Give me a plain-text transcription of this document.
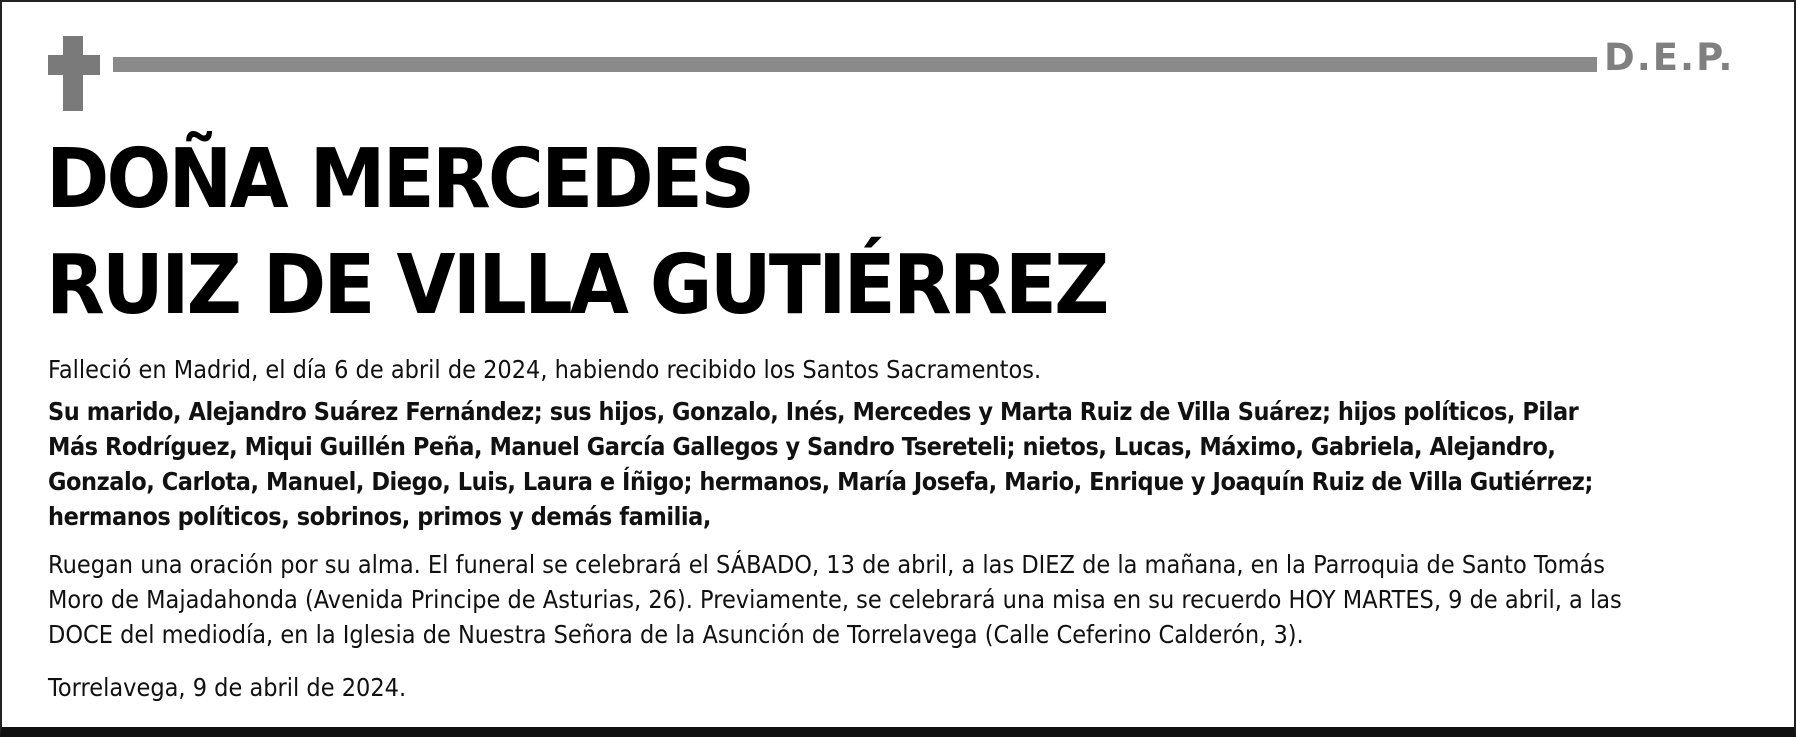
D.E.P.
DOÑA MERCEDES
RUIZ DE VILLA GUTIÉRREZ
Falleció en Madrid, el día 6 de abril de 2024, habiendo recibido los Santos Sacramentos.
Su marido, Alejandro Suárez Fernández; sus hijos, Gonzalo, Inés, Mercedes y Marta Ruiz de Villa Suárez; hijos políticos, Pilar Más Rodríguez, Miqui Guillén Peña, Manuel García Gallegos y Sandro Tsereteli; nietos, Lucas, Máximo, Gabriela, Alejandro, Gonzalo, Carlota, Manuel, Diego, Luis, Laura e Íñigo; hermanos, María Josefa, Mario, Enrique y Joaquín Ruiz de Villa Gutiérrez; hermanos políticos, sobrinos, primos y demás familia,
Ruegan una oración por su alma. El funeral se celebrará el SÁBADO, 13 de abril, a las DIEZ de la mañana, en la Parroquia de Santo Tomás Moro de Majadahonda (Avenida Principe de Asturias, 26). Previamente, se celebrará una misa en su recuerdo HOY MARTES, 9 de abril, a las DOCE del mediodía, en la Iglesia de Nuestra Señora de la Asunción de Torrelavega (Calle Ceferino Calderón, 3).
Torrelavega, 9 de abril de 2024.
